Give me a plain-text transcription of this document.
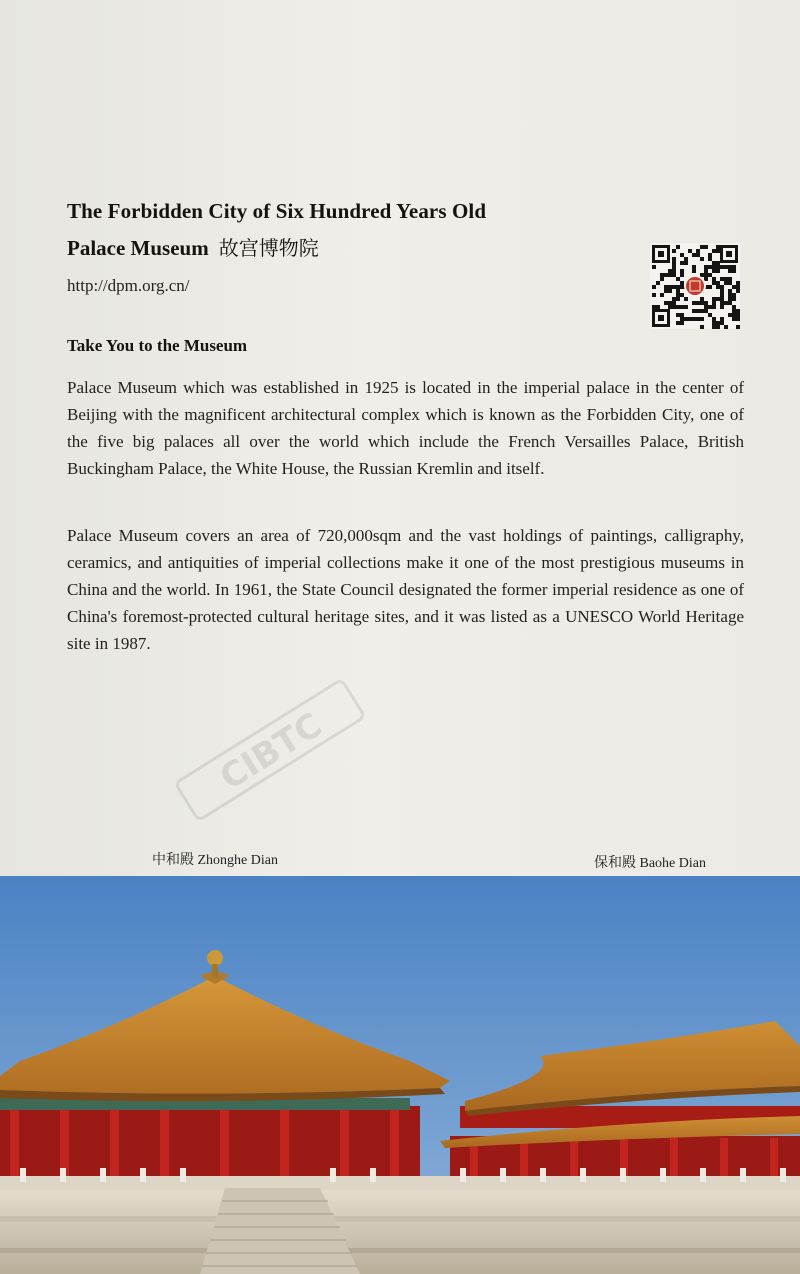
The Forbidden City of Six Hundred Years Old
Palace Museum 故宫博物院
http://dpm.org.cn/
Take You to the Museum

Palace Museum which was established in 1925 is located in the imperial palace in the center of Beijing with the magnificent architectural complex which is known as the Forbidden City, one of the five big palaces all over the world which include the French Versailles Palace, British Buckingham Palace, the White House, the Russian Kremlin and itself.

Palace Museum covers an area of 720,000sqm and the vast holdings of paintings, calligraphy, ceramics, and antiquities of imperial collections make it one of the most prestigious museums in China and the world. In 1961, the State Council designated the former imperial residence as one of China's foremost-protected cultural heritage sites, and it was listed as a UNESCO World Heritage site in 1987.

CIBTC
中和殿 Zhonghe Dian	保和殿 Baohe Dian
